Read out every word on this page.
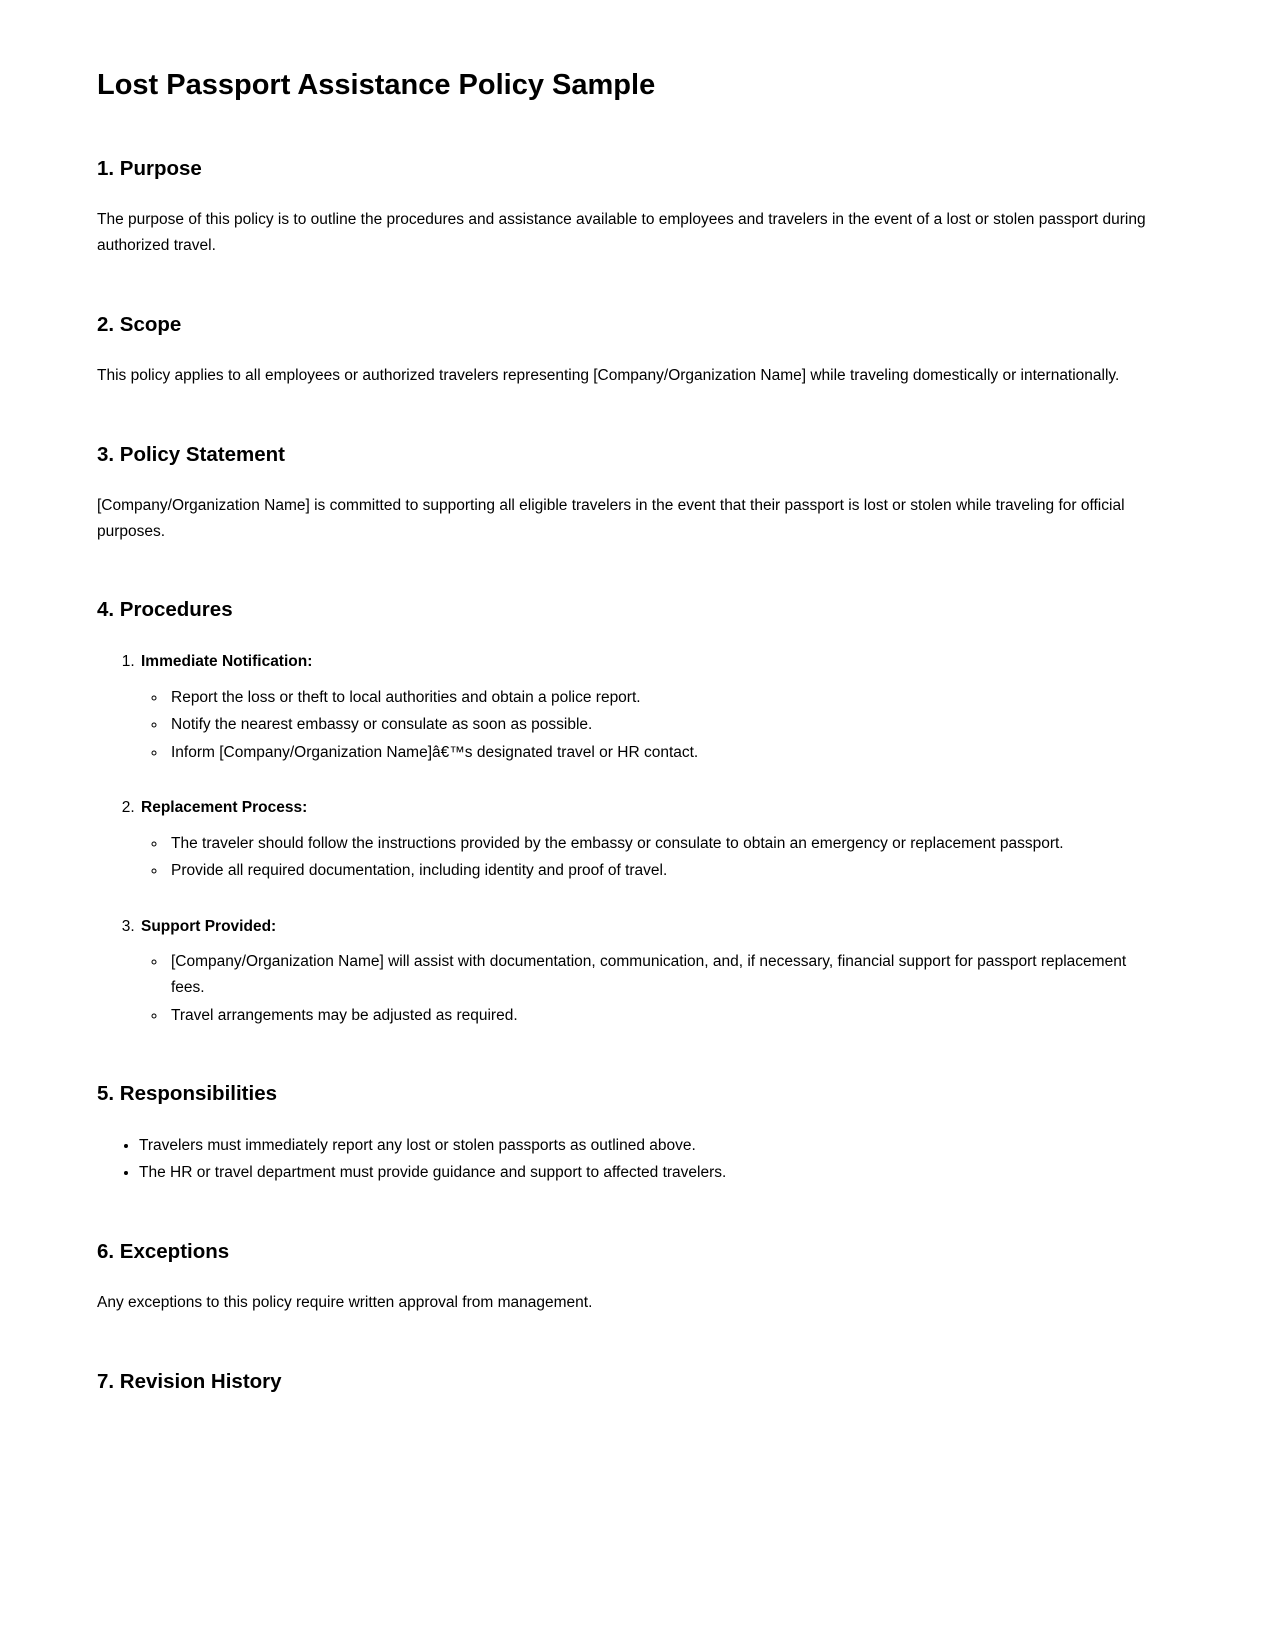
Lost Passport Assistance Policy Sample
1. Purpose

The purpose of this policy is to outline the procedures and assistance available to employees and travelers in the event of a lost or stolen passport during authorized travel.

2. Scope

This policy applies to all employees or authorized travelers representing [Company/Organization Name] while traveling domestically or internationally.

3. Policy Statement

[Company/Organization Name] is committed to supporting all eligible travelers in the event that their passport is lost or stolen while traveling for official purposes.

4. Procedures
1. Immediate Notification:
◦ Report the loss or theft to local authorities and obtain a police report.
◦ Notify the nearest embassy or consulate as soon as possible.
◦ Inform [Company/Organization Name]â€™s designated travel or HR contact.
2. Replacement Process:
◦ The traveler should follow the instructions provided by the embassy or consulate to obtain an emergency or replacement passport.
◦ Provide all required documentation, including identity and proof of travel.
3. Support Provided:
◦ [Company/Organization Name] will assist with documentation, communication, and, if necessary, financial support for passport replacement fees.
◦ Travel arrangements may be adjusted as required.
5. Responsibilities
• Travelers must immediately report any lost or stolen passports as outlined above.
• The HR or travel department must provide guidance and support to affected travelers.
6. Exceptions

Any exceptions to this policy require written approval from management.

7. Revision History
